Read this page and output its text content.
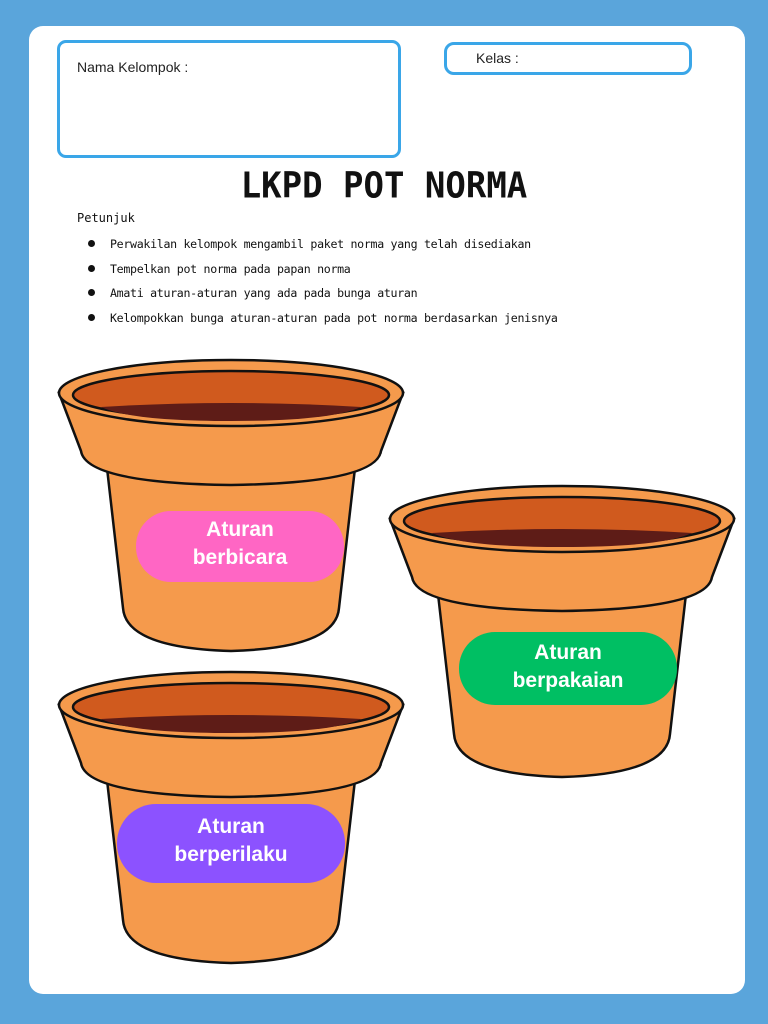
Nama Kelompok :
Kelas :
LKPD POT NORMA
Petunjuk
Perwakilan kelompok mengambil paket norma yang telah disediakan
Tempelkan pot norma pada papan norma
Amati aturan-aturan yang ada pada bunga aturan
Kelompokkan bunga aturan-aturan pada pot norma berdasarkan jenisnya
Aturan
berbicara
Aturan
berpakaian
Aturan
berperilaku
